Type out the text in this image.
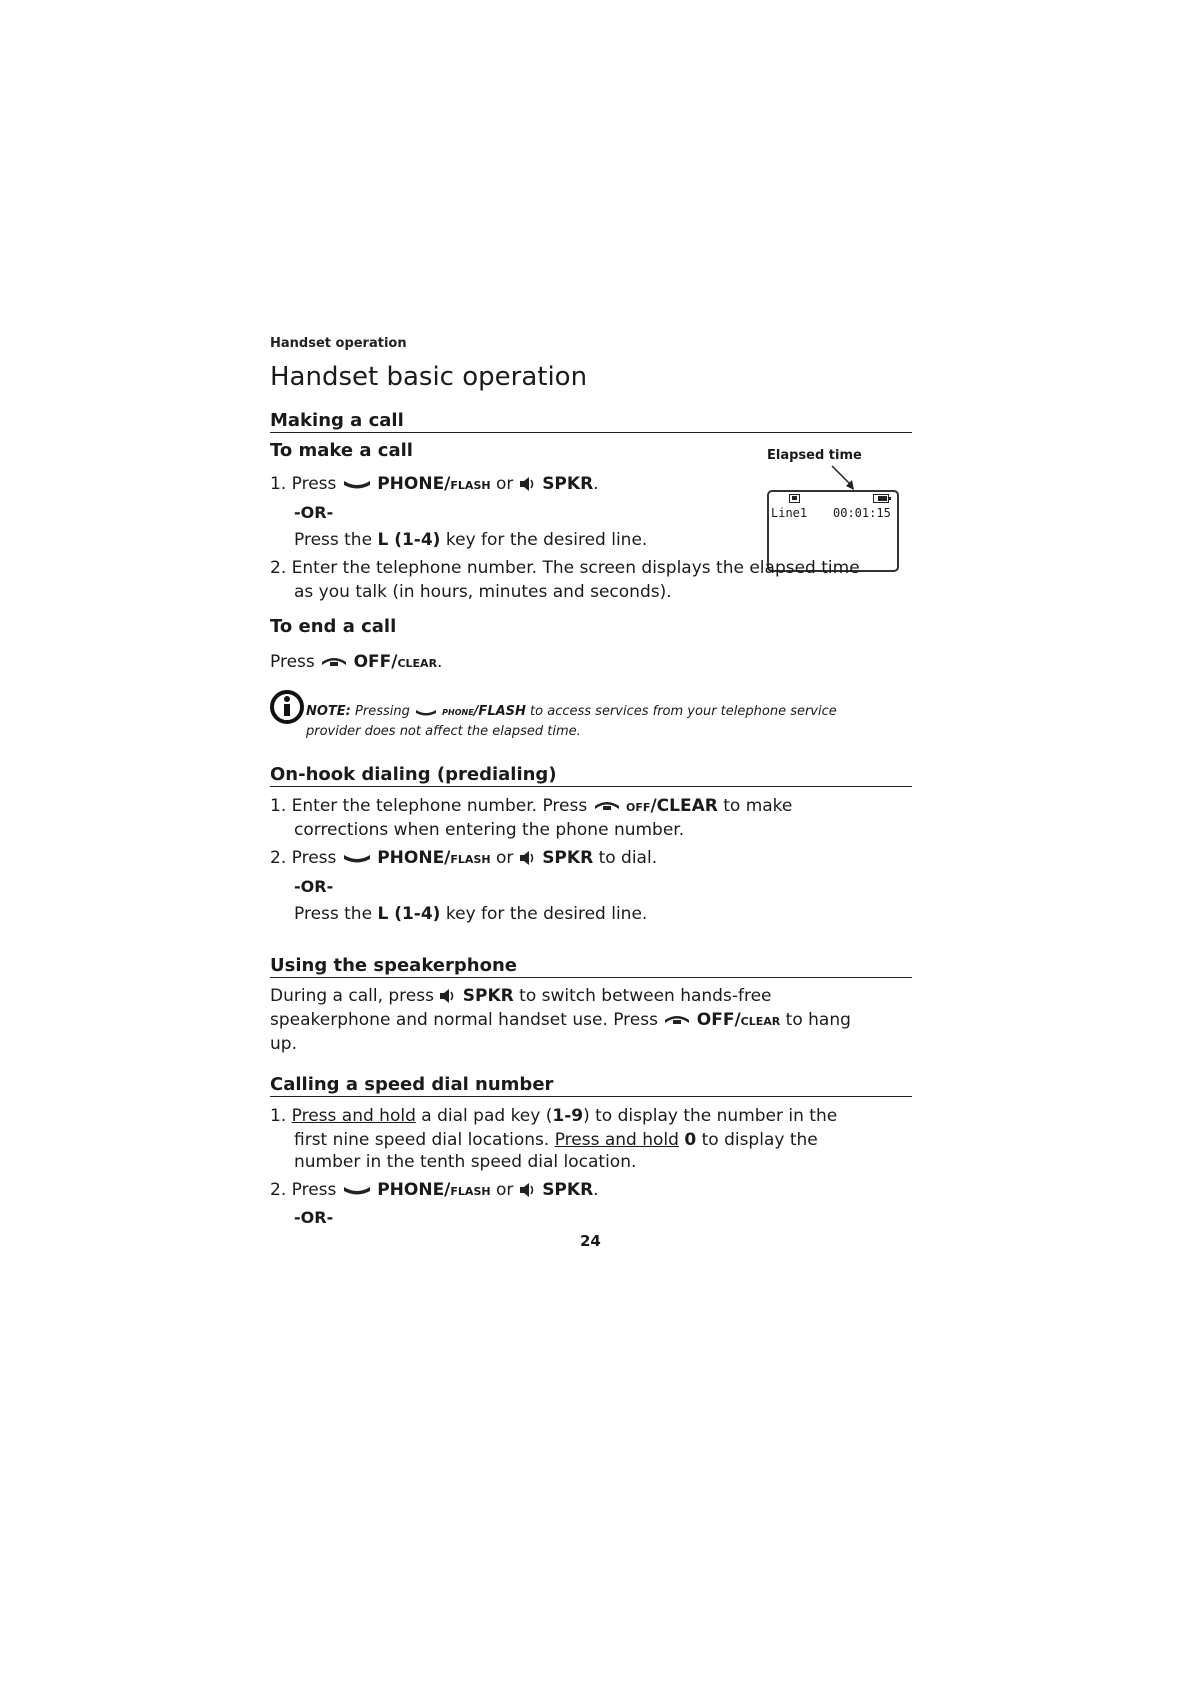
Handset operation
Handset basic operation
Making a call
To make a call	Elapsed time
Line1 00:01:15
1. Press PHONE/flash or SPKR.
-OR-
Press the L (1-4) key for the desired line.
2. Enter the telephone number. The screen displays the elapsed time
as you talk (in hours, minutes and seconds).
To end a call
Press OFF/clear.
NOTE: Pressing	phone/FLASH to access services from your telephone service
provider does not affect the elapsed time.
On-hook dialing (predialing)
1. Enter the telephone number. Press	off/CLEAR to make
corrections when entering the phone number.
2. Press PHONE/flash or SPKR to dial.
-OR-
Press the L (1-4) key for the desired line.
Using the speakerphone
During a call, press SPKR to switch between hands-free
speakerphone and normal handset use. Press OFF/clear to hang
up.
Calling a speed dial number
1. Press and hold a dial pad key (1-9) to display the number in the
first nine speed dial locations. Press and hold 0 to display the
number in the tenth speed dial location.
2. Press PHONE/flash or SPKR.
-OR-
24
